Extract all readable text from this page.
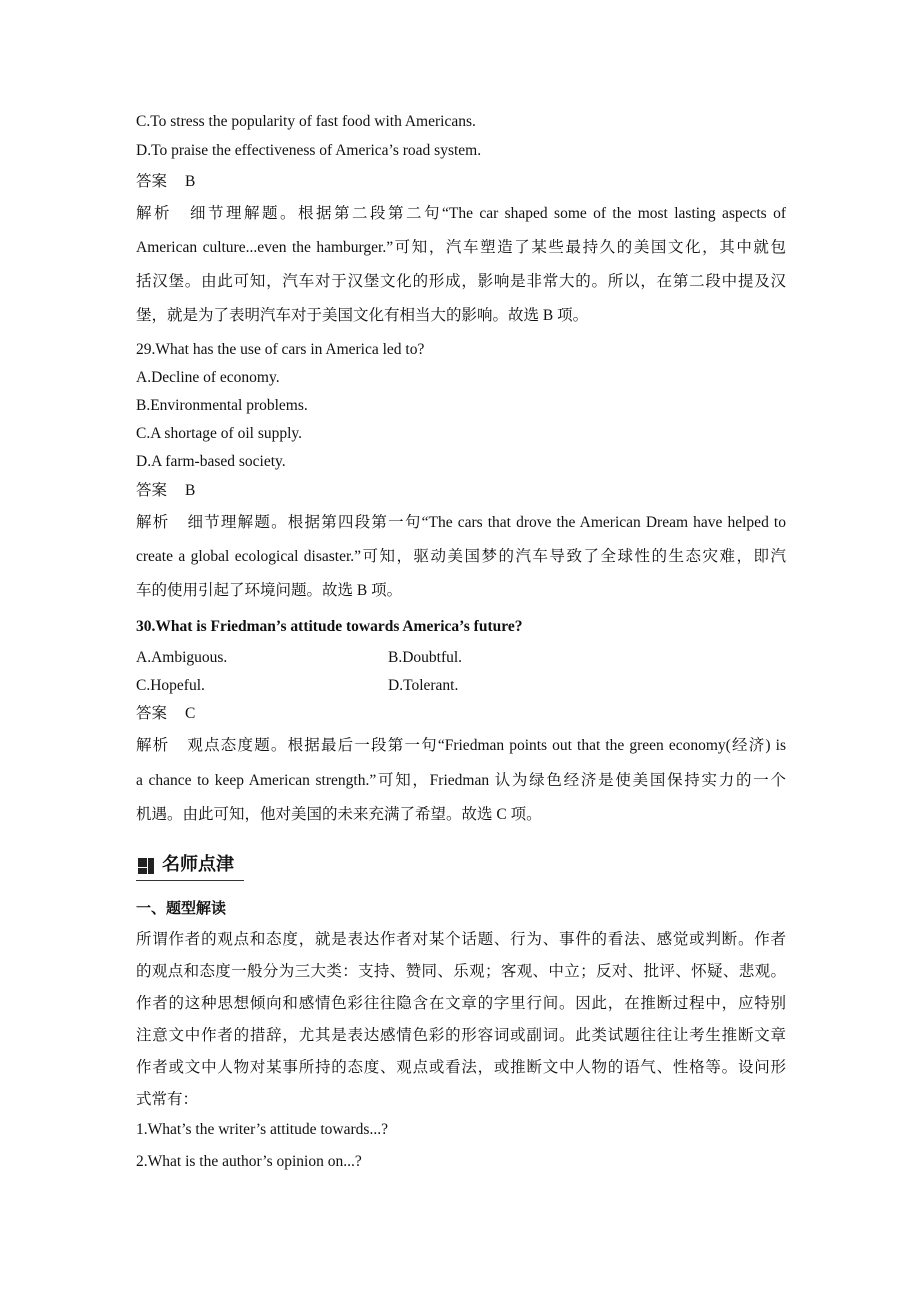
C.To stress the popularity of fast food with Americans.
D.To praise the effectiveness of America’s road system.
答案 B
解析 细节理解题。根据第二段第二句“The car shaped some of the most lasting aspects of
American culture...even the hamburger.”可知，汽车塑造了某些最持久的美国文化，其中就包
括汉堡。由此可知，汽车对于汉堡文化的形成，影响是非常大的。所以，在第二段中提及汉
堡，就是为了表明汽车对于美国文化有相当大的影响。故选 B 项。
29.What has the use of cars in America led to?
A.Decline of economy.
B.Environmental problems.
C.A shortage of oil supply.
D.A farm-based society.
答案 B
解析 细节理解题。根据第四段第一句“The cars that drove the American Dream have helped to
create a global ecological disaster.”可知，驱动美国梦的汽车导致了全球性的生态灾难，即汽
车的使用引起了环境问题。故选 B 项。
30.What is Friedman’s attitude towards America’s future?
A.Ambiguous.	B.Doubtful.
C.Hopeful.	D.Tolerant.
答案 C
解析 观点态度题。根据最后一段第一句“Friedman points out that the green economy(经济) is
a chance to keep American strength.”可知，Friedman 认为绿色经济是使美国保持实力的一个
机遇。由此可知，他对美国的未来充满了希望。故选 C 项。
名师点津
一、题型解读
所谓作者的观点和态度，就是表达作者对某个话题、行为、事件的看法、感觉或判断。作者
的观点和态度一般分为三大类：支持、赞同、乐观；客观、中立；反对、批评、怀疑、悲观。
作者的这种思想倾向和感情色彩往往隐含在文章的字里行间。因此，在推断过程中，应特别
注意文中作者的措辞，尤其是表达感情色彩的形容词或副词。此类试题往往让考生推断文章
作者或文中人物对某事所持的态度、观点或看法，或推断文中人物的语气、性格等。设问形
式常有：
1.What’s the writer’s attitude towards...?
2.What is the author’s opinion on...?
